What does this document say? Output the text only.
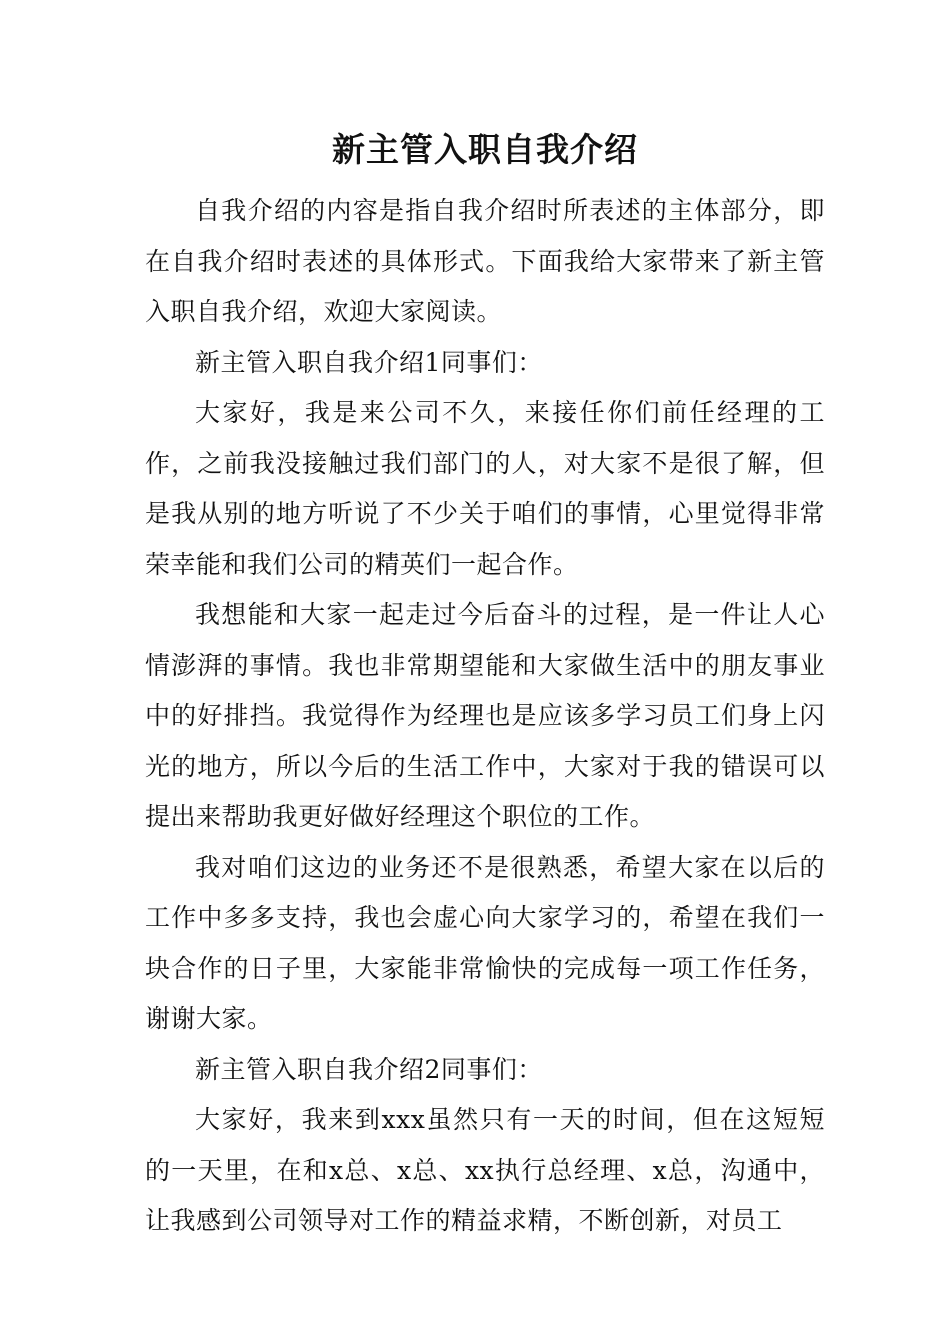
新主管入职自我介绍

自我介绍的内容是指自我介绍时所表述的主体部分，即在自我介绍时表述的具体形式。下面我给大家带来了新主管入职自我介绍，欢迎大家阅读。

新主管入职自我介绍1同事们：

大家好，我是来公司不久，来接任你们前任经理的工作，之前我没接触过我们部门的人，对大家不是很了解，但是我从别的地方听说了不少关于咱们的事情，心里觉得非常荣幸能和我们公司的精英们一起合作。

我想能和大家一起走过今后奋斗的过程，是一件让人心情澎湃的事情。我也非常期望能和大家做生活中的朋友事业中的好排挡。我觉得作为经理也是应该多学习员工们身上闪光的地方，所以今后的生活工作中，大家对于我的错误可以提出来帮助我更好做好经理这个职位的工作。

我对咱们这边的业务还不是很熟悉，希望大家在以后的工作中多多支持，我也会虚心向大家学习的，希望在我们一块合作的日子里，大家能非常愉快的完成每一项工作任务，谢谢大家。

新主管入职自我介绍2同事们：

大家好，我来到xxx虽然只有一天的时间，但在这短短的一天里，在和x总、x总、xx执行总经理、x总，沟通中，让我感到公司领导对工作的精益求精，不断创新，对员工
